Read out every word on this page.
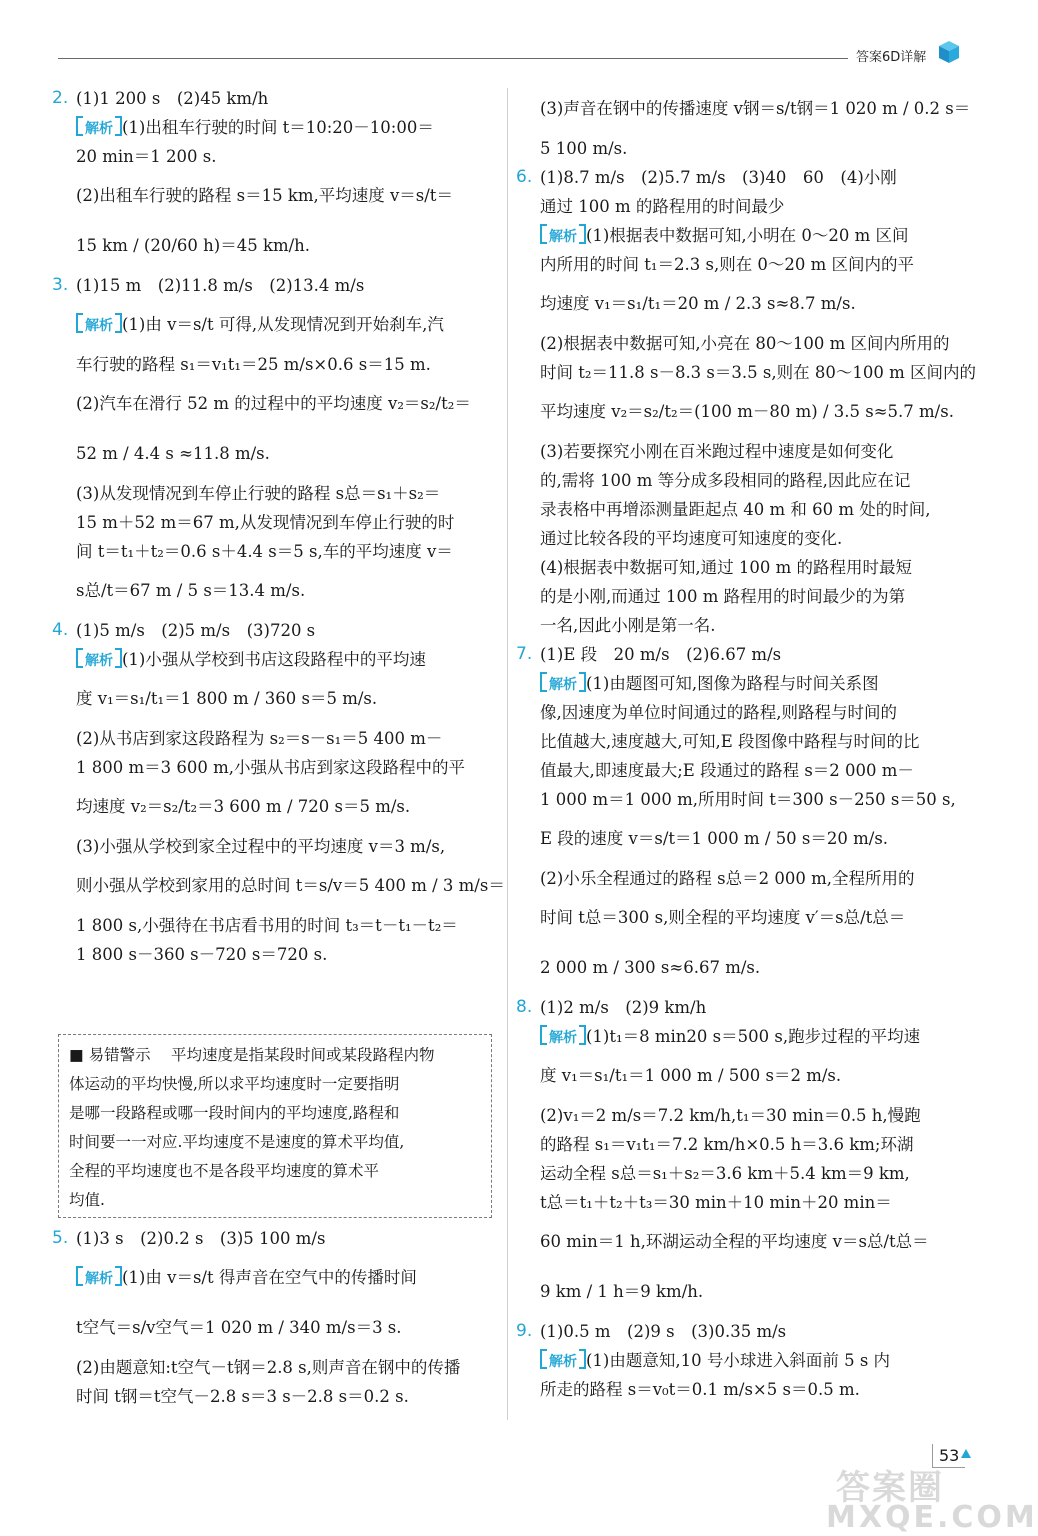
答案6D详解
2. (1)1 200 s　(2)45 km/h
解析 (1)出租车行驶的时间 t＝10:20－10:00＝
20 min＝1 200 s.
(2)出租车行驶的路程 s＝15 km,平均速度 v＝s/t＝
15 km / (20/60 h)＝45 km/h.
3. (1)15 m　(2)11.8 m/s　(2)13.4 m/s
解析 (1)由 v＝s/t 可得,从发现情况到开始刹车,汽
车行驶的路程 s₁＝v₁t₁＝25 m/s×0.6 s＝15 m.
(2)汽车在滑行 52 m 的过程中的平均速度 v₂＝s₂/t₂＝
52 m / 4.4 s ≈11.8 m/s.
(3)从发现情况到车停止行驶的路程 s总＝s₁＋s₂＝
15 m＋52 m＝67 m,从发现情况到车停止行驶的时
间 t＝t₁＋t₂＝0.6 s＋4.4 s＝5 s,车的平均速度 v＝
s总/t＝67 m / 5 s＝13.4 m/s.
4. (1)5 m/s　(2)5 m/s　(3)720 s
解析 (1)小强从学校到书店这段路程中的平均速
度 v₁＝s₁/t₁＝1 800 m / 360 s＝5 m/s.
(2)从书店到家这段路程为 s₂＝s－s₁＝5 400 m－
1 800 m＝3 600 m,小强从书店到家这段路程中的平
均速度 v₂＝s₂/t₂＝3 600 m / 720 s＝5 m/s.
(3)小强从学校到家全过程中的平均速度 v＝3 m/s,
则小强从学校到家用的总时间 t＝s/v＝5 400 m / 3 m/s＝
1 800 s,小强待在书店看书用的时间 t₃＝t－t₁－t₂＝
1 800 s－360 s－720 s＝720 s.
■ 易错警示 　平均速度是指某段时间或某段路程内物
体运动的平均快慢,所以求平均速度时一定要指明
是哪一段路程或哪一段时间内的平均速度,路程和
时间要一一对应.平均速度不是速度的算术平均值,
全程的平均速度也不是各段平均速度的算术平
均值.
5. (1)3 s　(2)0.2 s　(3)5 100 m/s
解析 (1)由 v＝s/t 得声音在空气中的传播时间
t空气＝s/v空气＝1 020 m / 340 m/s＝3 s.
(2)由题意知:t空气－t钢＝2.8 s,则声音在钢中的传播
时间 t钢＝t空气－2.8 s＝3 s－2.8 s＝0.2 s.
(3)声音在钢中的传播速度 v钢＝s/t钢＝1 020 m / 0.2 s＝
5 100 m/s.
6. (1)8.7 m/s　(2)5.7 m/s　(3)40　60　(4)小刚
通过 100 m 的路程用的时间最少
解析 (1)根据表中数据可知,小明在 0～20 m 区间
内所用的时间 t₁＝2.3 s,则在 0～20 m 区间内的平
均速度 v₁＝s₁/t₁＝20 m / 2.3 s≈8.7 m/s.
(2)根据表中数据可知,小亮在 80～100 m 区间内所用的
时间 t₂＝11.8 s－8.3 s＝3.5 s,则在 80～100 m 区间内的
平均速度 v₂＝s₂/t₂＝(100 m－80 m) / 3.5 s≈5.7 m/s.
(3)若要探究小刚在百米跑过程中速度是如何变化
的,需将 100 m 等分成多段相同的路程,因此应在记
录表格中再增添测量距起点 40 m 和 60 m 处的时间,
通过比较各段的平均速度可知速度的变化.
(4)根据表中数据可知,通过 100 m 的路程用时最短
的是小刚,而通过 100 m 路程用的时间最少的为第
一名,因此小刚是第一名.
7. (1)E 段　20 m/s　(2)6.67 m/s
解析 (1)由题图可知,图像为路程与时间关系图
像,因速度为单位时间通过的路程,则路程与时间的
比值越大,速度越大,可知,E 段图像中路程与时间的比
值最大,即速度最大;E 段通过的路程 s＝2 000 m－
1 000 m＝1 000 m,所用时间 t＝300 s－250 s＝50 s,
E 段的速度 v＝s/t＝1 000 m / 50 s＝20 m/s.
(2)小乐全程通过的路程 s总＝2 000 m,全程所用的
时间 t总＝300 s,则全程的平均速度 v′＝s总/t总＝
2 000 m / 300 s≈6.67 m/s.
8. (1)2 m/s　(2)9 km/h
解析 (1)t₁＝8 min20 s＝500 s,跑步过程的平均速
度 v₁＝s₁/t₁＝1 000 m / 500 s＝2 m/s.
(2)v₁＝2 m/s＝7.2 km/h,t₁＝30 min＝0.5 h,慢跑
的路程 s₁＝v₁t₁＝7.2 km/h×0.5 h＝3.6 km;环湖
运动全程 s总＝s₁＋s₂＝3.6 km＋5.4 km＝9 km,
t总＝t₁＋t₂＋t₃＝30 min＋10 min＋20 min＝
60 min＝1 h,环湖运动全程的平均速度 v＝s总/t总＝
9 km / 1 h＝9 km/h.
9. (1)0.5 m　(2)9 s　(3)0.35 m/s
解析 (1)由题意知,10 号小球进入斜面前 5 s 内
所走的路程 s＝v₀t＝0.1 m/s×5 s＝0.5 m.
53
答案圈
MXQE.COM
